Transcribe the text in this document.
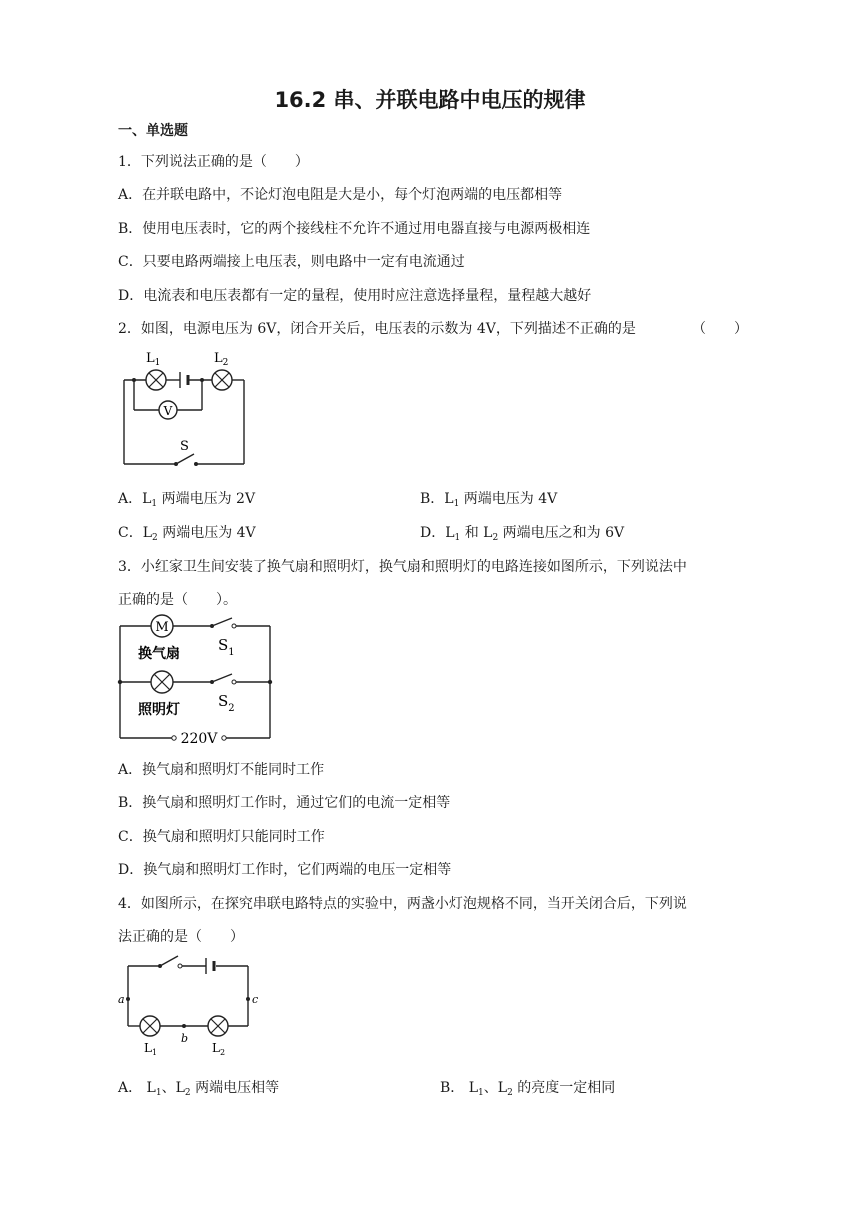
16.2 串、并联电路中电压的规律
一、单选题
1．下列说法正确的是（　　）
A．在并联电路中，不论灯泡电阻是大是小，每个灯泡两端的电压都相等
B．使用电压表时，它的两个接线柱不允许不通过用电器直接与电源两极相连
C．只要电路两端接上电压表，则电路中一定有电流通过
D．电流表和电压表都有一定的量程，使用时应注意选择量程，量程越大越好
2．如图，电源电压为 6V，闭合开关后，电压表的示数为 4V，下列描述不正确的是	（　　）
V
$L_1$	$L_2$
S
A．$L_1$ 两端电压为 2V	B．$L_1$ 两端电压为 4V
C．$L_2$ 两端电压为 4V	D．$L_1$ 和 $L_2$ 两端电压之和为 6V
3．小红家卫生间安装了换气扇和照明灯，换气扇和照明灯的电路连接如图所示，下列说法中
正确的是（　　）。
M
换气扇
照明灯
$S_1$
$S_2$
220V
A．换气扇和照明灯不能同时工作
B．换气扇和照明灯工作时，通过它们的电流一定相等
C．换气扇和照明灯只能同时工作
D．换气扇和照明灯工作时，它们两端的电压一定相等
4．如图所示，在探究串联电路特点的实验中，两盏小灯泡规格不同，当开关闭合后，下列说
法正确的是（　　）
a	c
b
$L_1$	$L_2$
A． $L_1$、$L_2$ 两端电压相等	B． $L_1$、$L_2$ 的亮度一定相同
